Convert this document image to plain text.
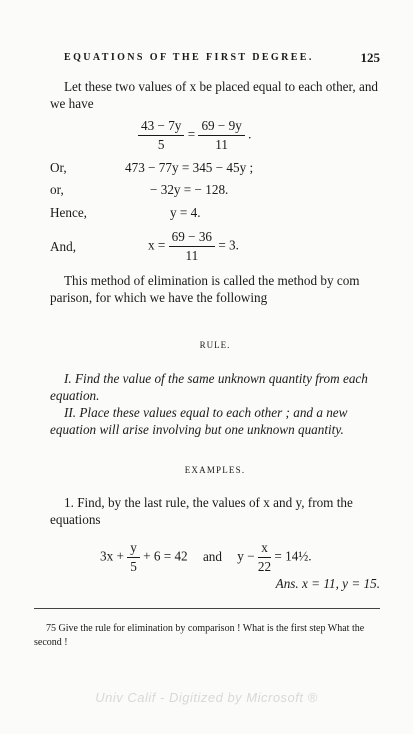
EQUATIONS OF THE FIRST DEGREE.	125

Let these two values of x be placed equal to each other, and we have

$\frac{43 - 7y}{5} = \frac{69 - 9y}{11}$ .
Or,	473 − 77y = 345 − 45y ;
or,	− 32y = − 128.
Hence,	y = 4.
And,	$x = \frac{69 - 36}{11} = 3$.

This method of elimination is called the method by com parison, for which we have the following

RULE.

I. Find the value of the same unknown quantity from each equation.

II. Place these values equal to each other ; and a new equation will arise involving but one unknown quantity.

EXAMPLES.

1. Find, by the last rule, the values of x and y, from the equations

$3x + \frac{y}{5} + 6 = 42$ and $y - \frac{x}{22}$ = 14½.
Ans. x = 11, y = 15.

75 Give the rule for elimination by comparison ! What is the first step What the second !

Univ Calif - Digitized by Microsoft ®
